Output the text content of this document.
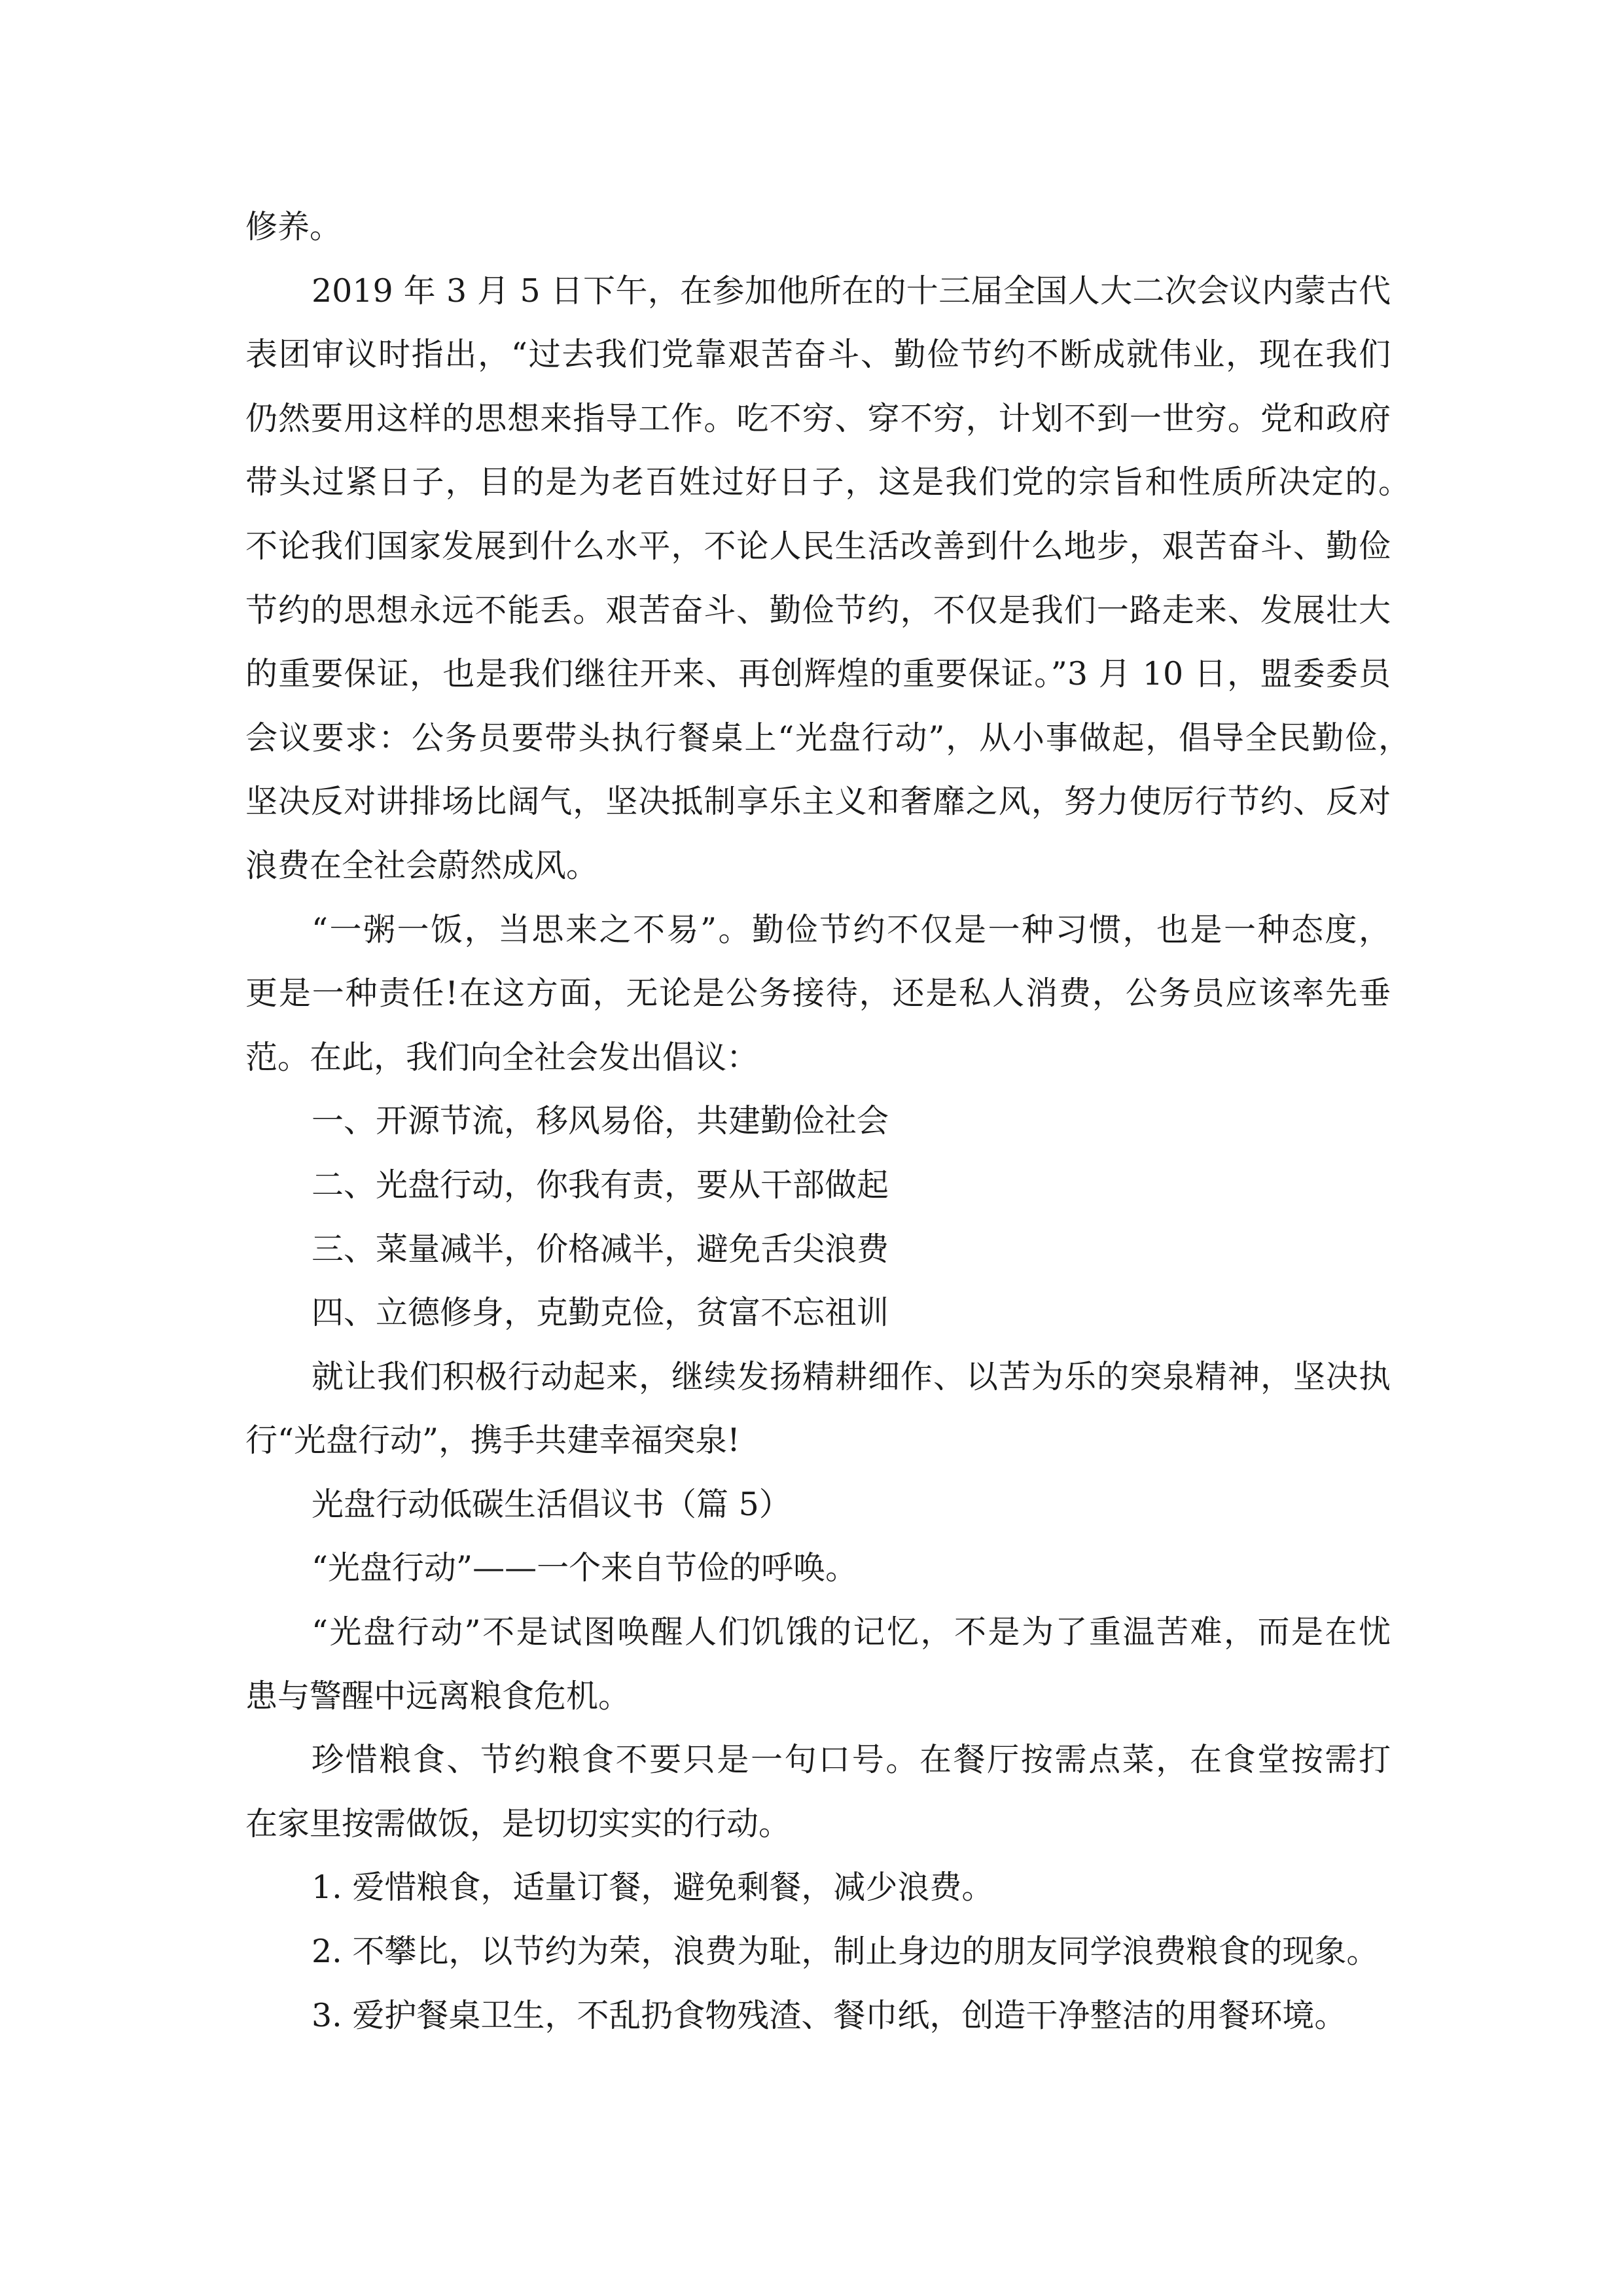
修养。
2019 年 3 月 5 日下午，在参加他所在的十三届全国人大二次会议内蒙古代
表团审议时指出，“过去我们党靠艰苦奋斗、勤俭节约不断成就伟业，现在我们
仍然要用这样的思想来指导工作。吃不穷、穿不穷，计划不到一世穷。党和政府
带头过紧日子，目的是为老百姓过好日子，这是我们党的宗旨和性质所决定的。
不论我们国家发展到什么水平，不论人民生活改善到什么地步，艰苦奋斗、勤俭
节约的思想永远不能丢。艰苦奋斗、勤俭节约，不仅是我们一路走来、发展壮大
的重要保证，也是我们继往开来、再创辉煌的重要保证。”3 月 10 日，盟委委员
会议要求：公务员要带头执行餐桌上“光盘行动”，从小事做起，倡导全民勤俭，
坚决反对讲排场比阔气，坚决抵制享乐主义和奢靡之风，努力使厉行节约、反对
浪费在全社会蔚然成风。
“一粥一饭，当思来之不易”。勤俭节约不仅是一种习惯，也是一种态度，
更是一种责任!在这方面，无论是公务接待，还是私人消费，公务员应该率先垂
范。在此，我们向全社会发出倡议：
一、开源节流，移风易俗，共建勤俭社会
二、光盘行动，你我有责，要从干部做起
三、菜量减半，价格减半，避免舌尖浪费
四、立德修身，克勤克俭，贫富不忘祖训
就让我们积极行动起来，继续发扬精耕细作、以苦为乐的突泉精神，坚决执
行“光盘行动”，携手共建幸福突泉!
光盘行动低碳生活倡议书（篇 5）
“光盘行动”——一个来自节俭的呼唤。
“光盘行动”不是试图唤醒人们饥饿的记忆，不是为了重温苦难，而是在忧
患与警醒中远离粮食危机。
珍惜粮食、节约粮食不要只是一句口号。在餐厅按需点菜，在食堂按需打
在家里按需做饭，是切切实实的行动。
1. 爱惜粮食，适量订餐，避免剩餐，减少浪费。
2. 不攀比，以节约为荣，浪费为耻，制止身边的朋友同学浪费粮食的现象。
3. 爱护餐桌卫生，不乱扔食物残渣、餐巾纸，创造干净整洁的用餐环境。
